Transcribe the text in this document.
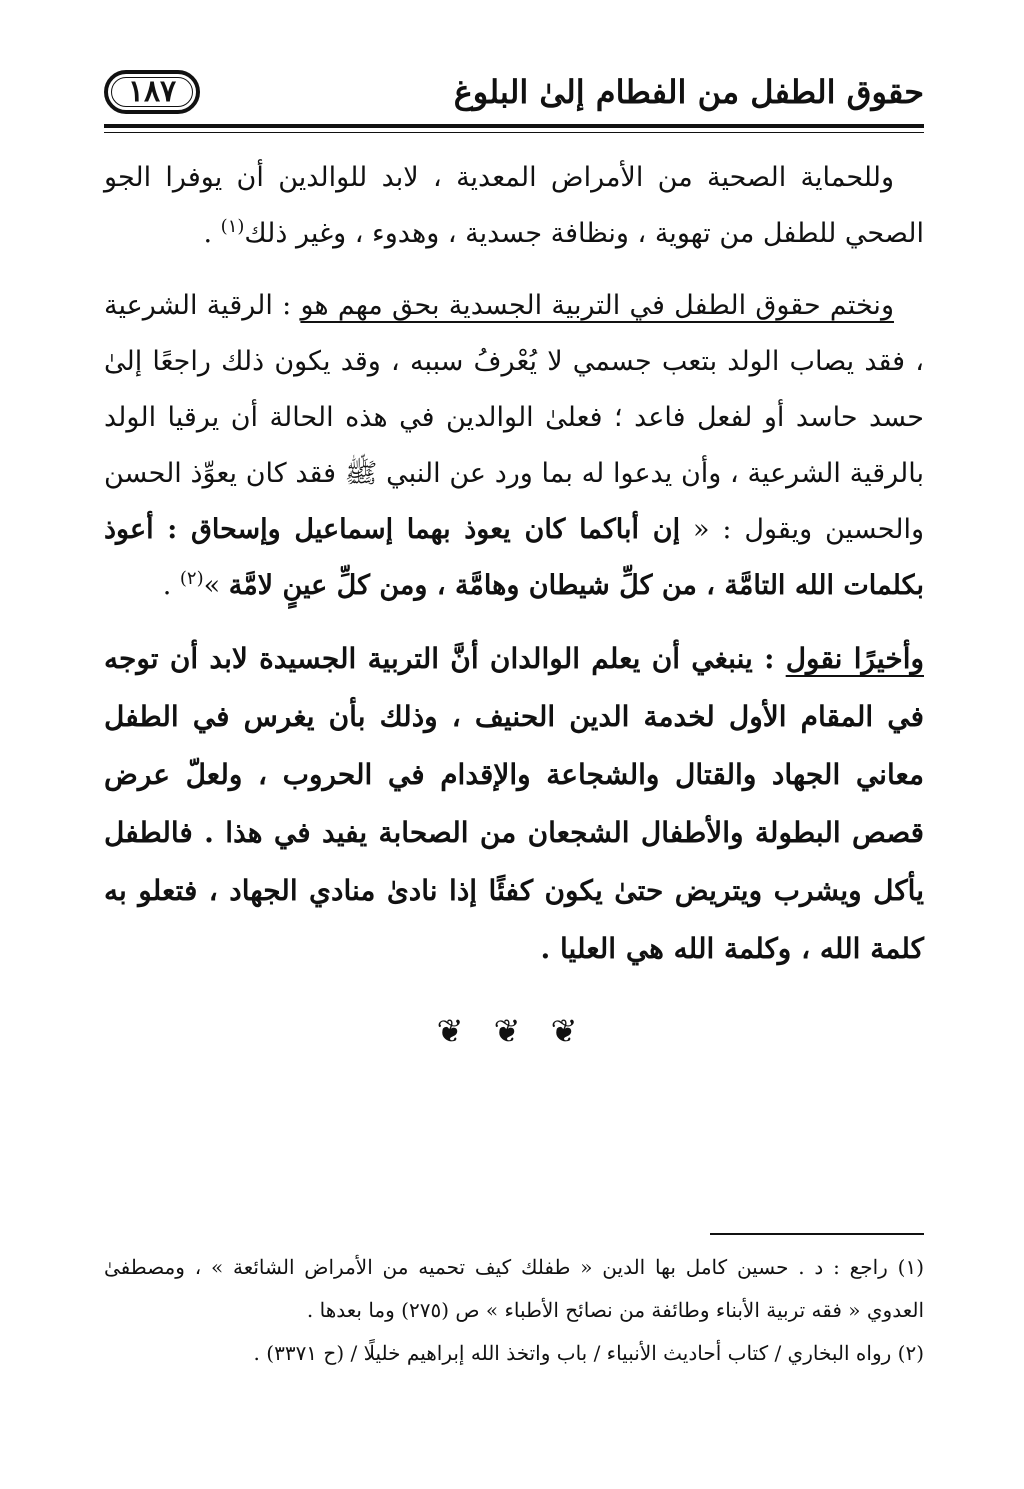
١٨٧	حقوق الطفل من الفطام إلىٰ البلوغ

وللحماية الصحية من الأمراض المعدية ، لابد للوالدين أن يوفرا الجو الصحي للطفل من تهوية ، ونظافة جسدية ، وهدوء ، وغير ذلك$^{(١)}$ .

ونختم حقوق الطفل في التربية الجسدية بحق مهم هو : الرقية الشرعية ، فقد يصاب الولد بتعب جسمي لا يُعْرفُ سببه ، وقد يكون ذلك راجعًا إلىٰ حسد حاسد أو لفعل فاعد ؛ فعلىٰ الوالدين في هذه الحالة أن يرقيا الولد بالرقية الشرعية ، وأن يدعوا له بما ورد عن النبي ﷺ فقد كان يعوِّذ الحسن والحسين ويقول : « إن أباكما كان يعوذ بهما إسماعيل وإسحاق : أعوذ بكلمات الله التامَّة ، من كلِّ شيطان وهامَّة ، ومن كلِّ عينٍ لامَّة »$^{(٢)}$ .

وأخيرًا نقول : ينبغي أن يعلم الوالدان أنَّ التربية الجسيدة لابد أن توجه في المقام الأول لخدمة الدين الحنيف ، وذلك بأن يغرس في الطفل معاني الجهاد والقتال والشجاعة والإقدام في الحروب ، ولعلّ عرض قصص البطولة والأطفال الشجعان من الصحابة يفيد في هذا . فالطفل يأكل ويشرب ويتريض حتىٰ يكون كفئًا إذا نادىٰ منادي الجهاد ، فتعلو به كلمة الله ، وكلمة الله هي العليا .

❦ ❦ ❦

(١) راجع : د . حسين كامل بها الدين « طفلك كيف تحميه من الأمراض الشائعة » ، ومصطفىٰ العدوي « فقه تربية الأبناء وطائفة من نصائح الأطباء » ص (٢٧٥) وما بعدها .

(٢) رواه البخاري / كتاب أحاديث الأنبياء / باب واتخذ الله إبراهيم خليلًا / (ح ٣٣٧١) .
